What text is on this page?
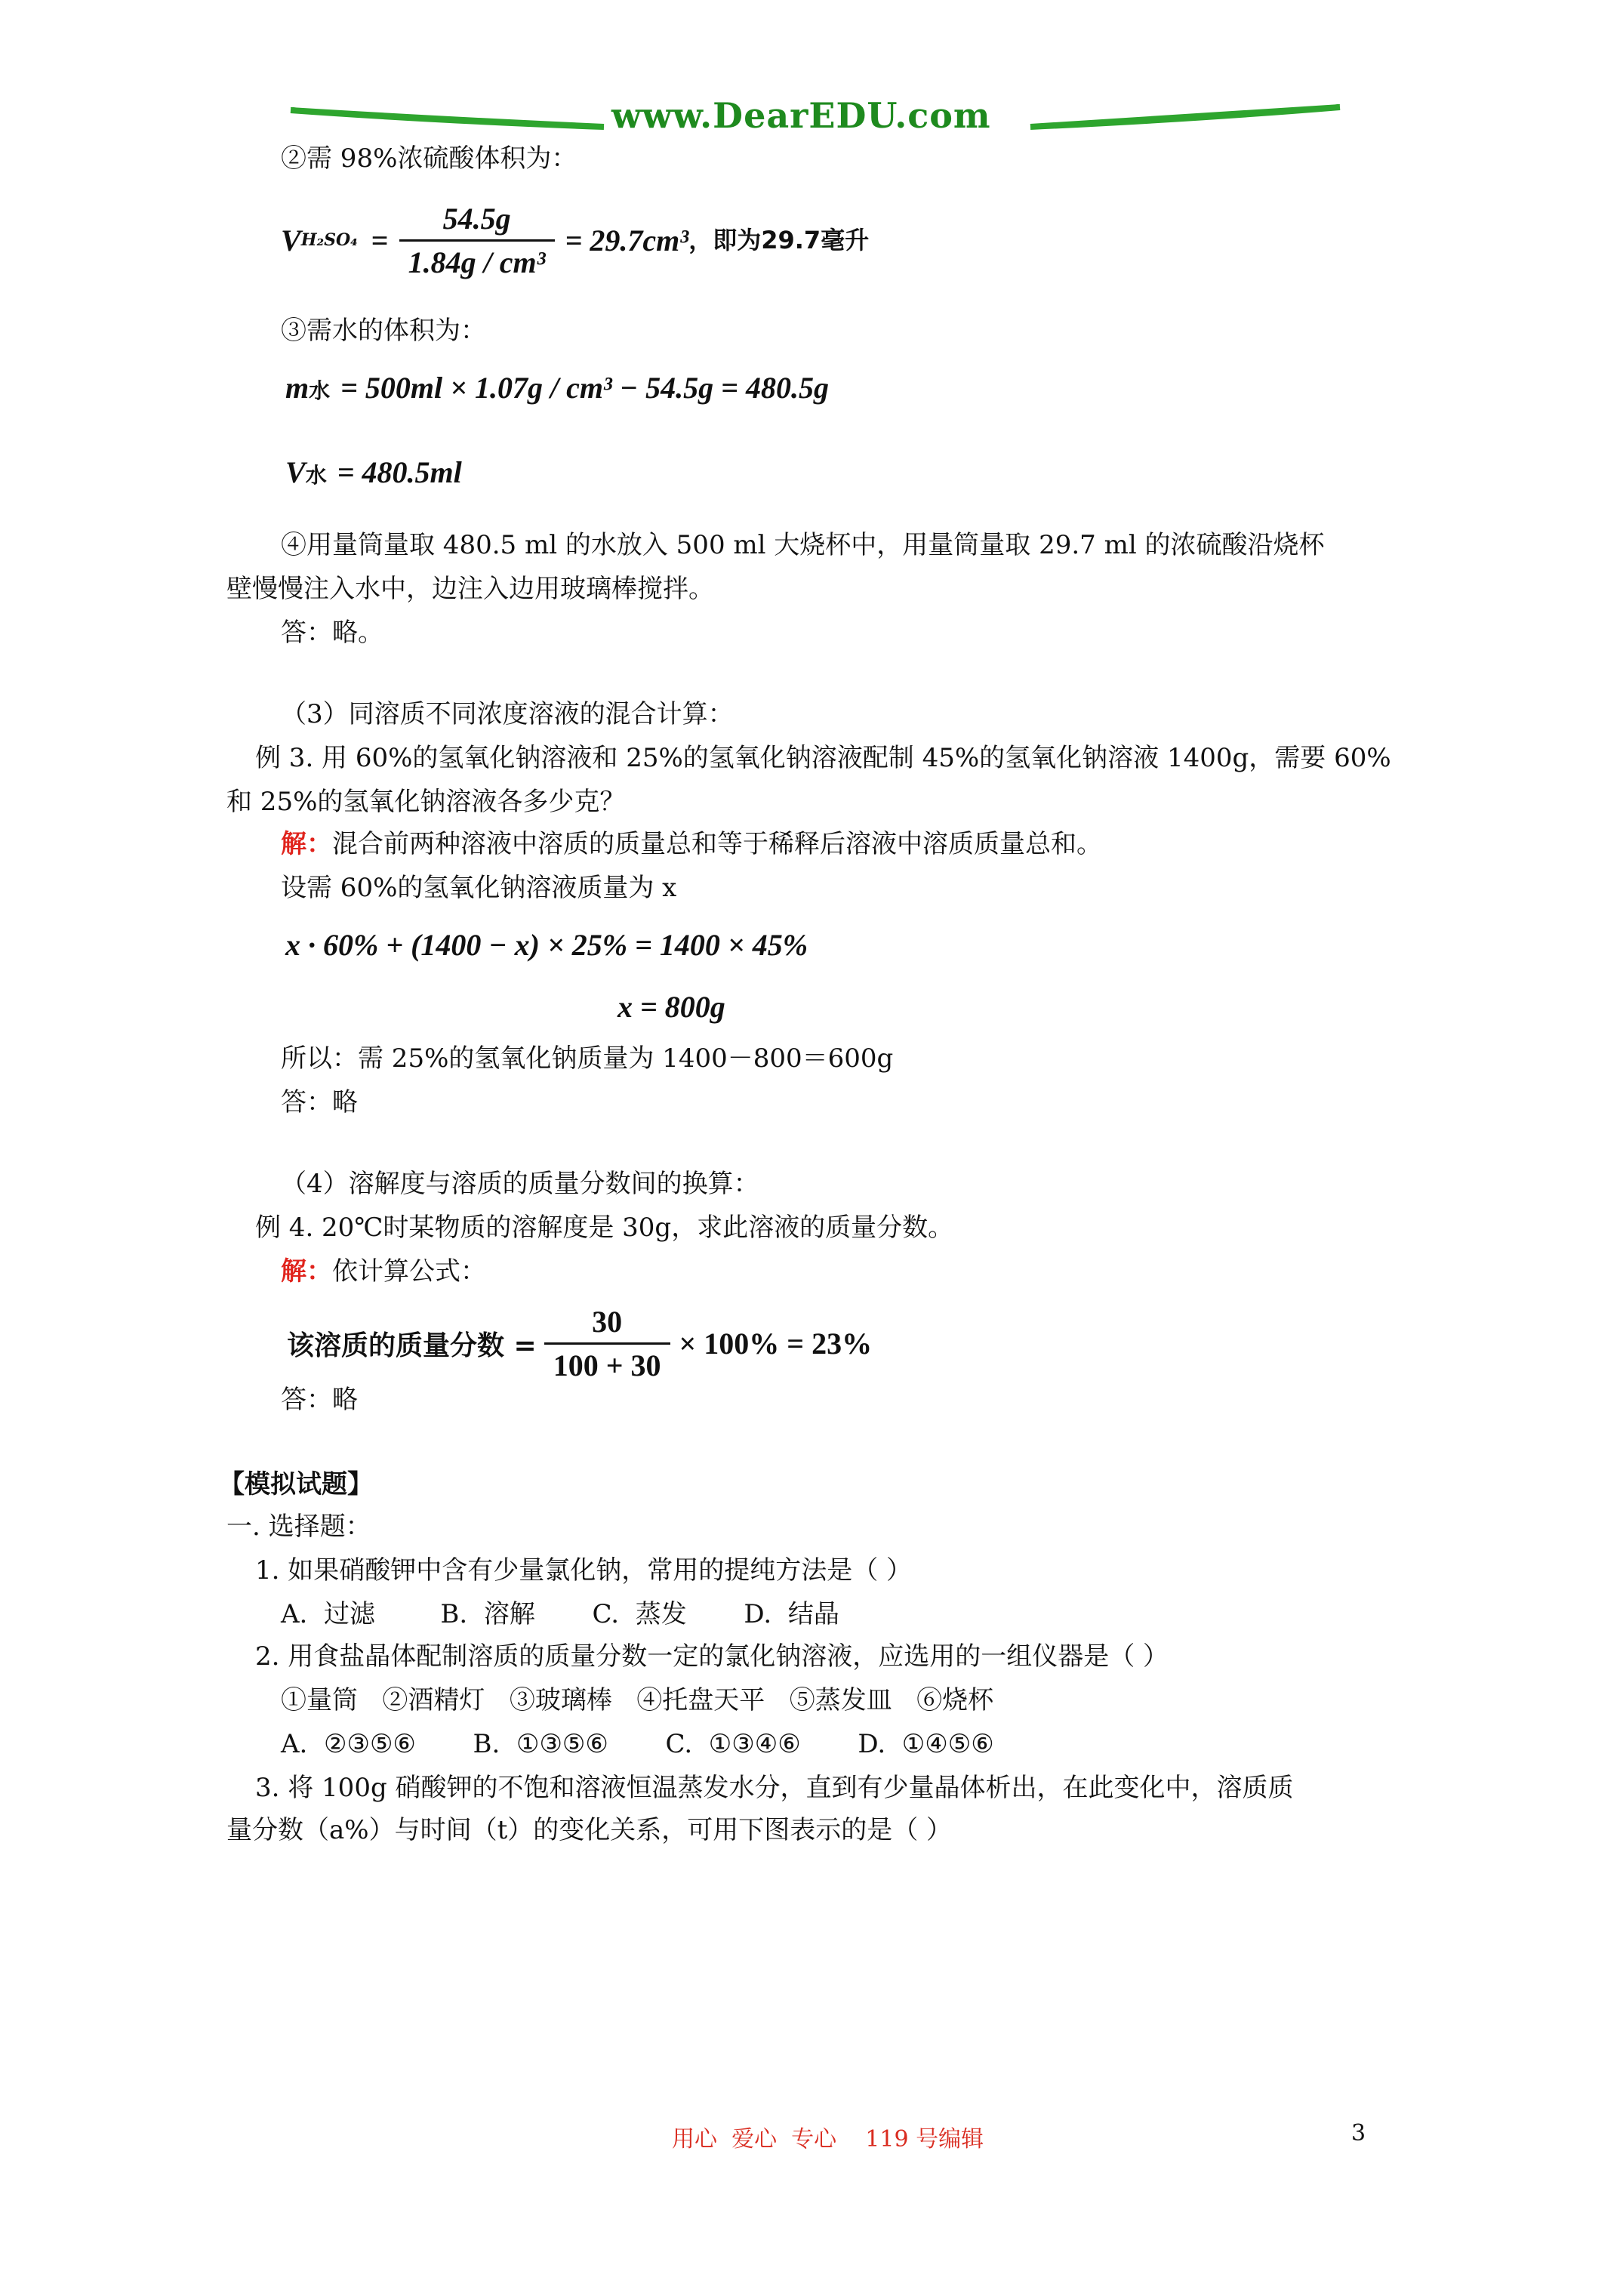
www.DearEDU.com
②需 98%浓硫酸体积为：
V $H_2SO_4 = \frac{54.5g}{\text{1.84g / cm³}} = 29.7cm^3$ ，即为29.7毫升
③需水的体积为：
m 水 = 500ml × 1.07g / cm³ − 54.5g = 480.5g
V 水 = 480.5ml
④用量筒量取 480.5 ml 的水放入 500 ml 大烧杯中，用量筒量取 29.7 ml 的浓硫酸沿烧杯
壁慢慢注入水中，边注入边用玻璃棒搅拌。
答：略。
（3）同溶质不同浓度溶液的混合计算：
例 3. 用 60%的氢氧化钠溶液和 25%的氢氧化钠溶液配制 45%的氢氧化钠溶液 1400g，需要 60%
和 25%的氢氧化钠溶液各多少克？
解：混合前两种溶液中溶质的质量总和等于稀释后溶液中溶质质量总和。
设需 60%的氢氧化钠溶液质量为 x
x · 60% + (1400 − x) × 25% = 1400 × 45%
x = 800g
所以：需 25%的氢氧化钠质量为 1400－800＝600g
答：略
（4）溶解度与溶质的质量分数间的换算：
例 4. 20℃时某物质的溶解度是 30g，求此溶液的质量分数。
解：依计算公式：
该溶质的质量分数 = $\frac{30}{100 + 30} \times 100\% = 23\%$
答：略
【模拟试题】
一. 选择题：
1. 如果硝酸钾中含有少量氯化钠，常用的提纯方法是（ ）
A.  过滤        B.  溶解       C.  蒸发       D.  结晶
2. 用食盐晶体配制溶质的质量分数一定的氯化钠溶液，应选用的一组仪器是（ ）
①量筒   ②酒精灯   ③玻璃棒   ④托盘天平   ⑤蒸发皿   ⑥烧杯
A.  ②③⑤⑥       B.  ①③⑤⑥       C.  ①③④⑥       D.  ①④⑤⑥
3. 将 100g 硝酸钾的不饱和溶液恒温蒸发水分，直到有少量晶体析出，在此变化中，溶质质
量分数（a%）与时间（t）的变化关系，可用下图表示的是（ ）
用心  爱心  专心    119 号编辑	3
